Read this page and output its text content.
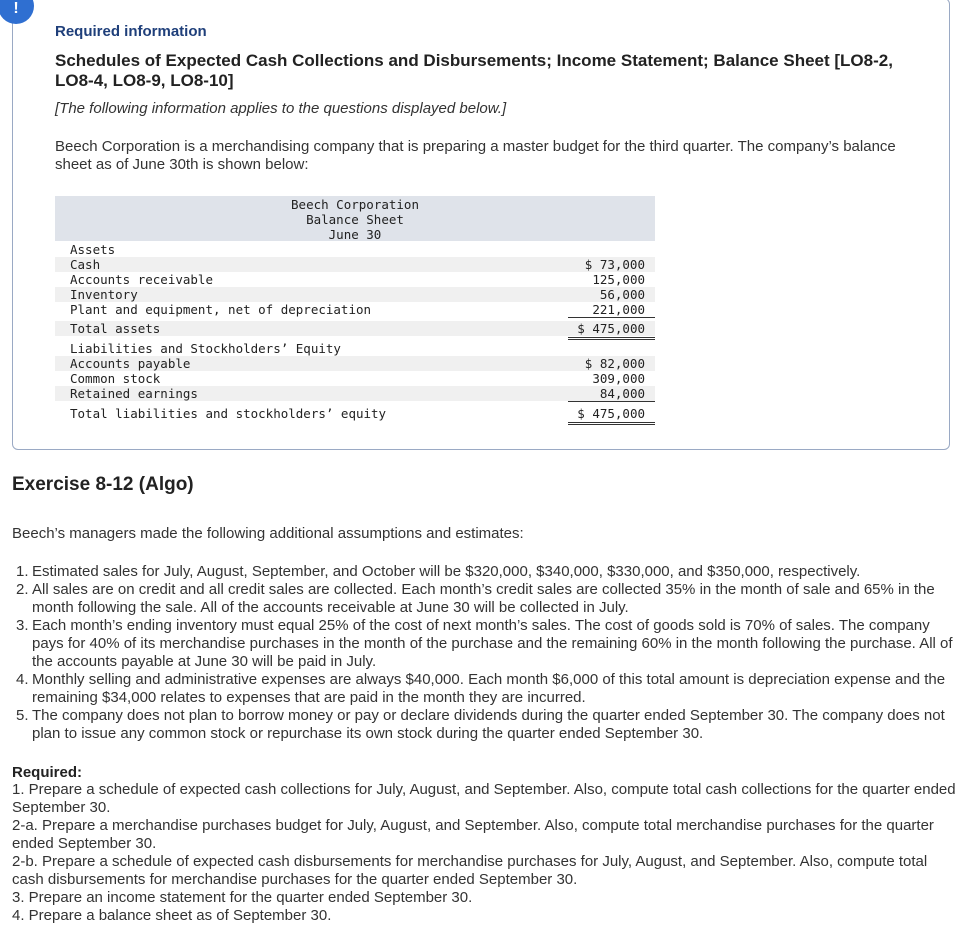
!
Required information
Schedules of Expected Cash Collections and Disbursements; Income Statement; Balance Sheet [LO8-2, LO8-4, LO8-9, LO8-10]
[The following information applies to the questions displayed below.]
Beech Corporation is a merchandising company that is preparing a master budget for the third quarter. The company’s balance sheet as of June 30th is shown below:
Beech Corporation
Balance Sheet
June 30
Assets
Cash	$ 73,000
Accounts receivable	125,000
Inventory	56,000
Plant and equipment, net of depreciation	221,000
Total assets	$ 475,000
Liabilities and Stockholders’ Equity
Accounts payable	$ 82,000
Common stock	309,000
Retained earnings	84,000
Total liabilities and stockholders’ equity	$ 475,000
Exercise 8-12 (Algo)
Beech’s managers made the following additional assumptions and estimates:
1. Estimated sales for July, August, September, and October will be $320,000, $340,000, $330,000, and $350,000, respectively.
2. All sales are on credit and all credit sales are collected. Each month’s credit sales are collected 35% in the month of sale and 65% in the month following the sale. All of the accounts receivable at June 30 will be collected in July.
3. Each month’s ending inventory must equal 25% of the cost of next month’s sales. The cost of goods sold is 70% of sales. The company pays for 40% of its merchandise purchases in the month of the purchase and the remaining 60% in the month following the purchase. All of the accounts payable at June 30 will be paid in July.
4. Monthly selling and administrative expenses are always $40,000. Each month $6,000 of this total amount is depreciation expense and the remaining $34,000 relates to expenses that are paid in the month they are incurred.
5. The company does not plan to borrow money or pay or declare dividends during the quarter ended September 30. The company does not plan to issue any common stock or repurchase its own stock during the quarter ended September 30.
Required:
1. Prepare a schedule of expected cash collections for July, August, and September. Also, compute total cash collections for the quarter ended September 30.
2-a. Prepare a merchandise purchases budget for July, August, and September. Also, compute total merchandise purchases for the quarter ended September 30.
2-b. Prepare a schedule of expected cash disbursements for merchandise purchases for July, August, and September. Also, compute total cash disbursements for merchandise purchases for the quarter ended September 30.
3. Prepare an income statement for the quarter ended September 30.
4. Prepare a balance sheet as of September 30.
